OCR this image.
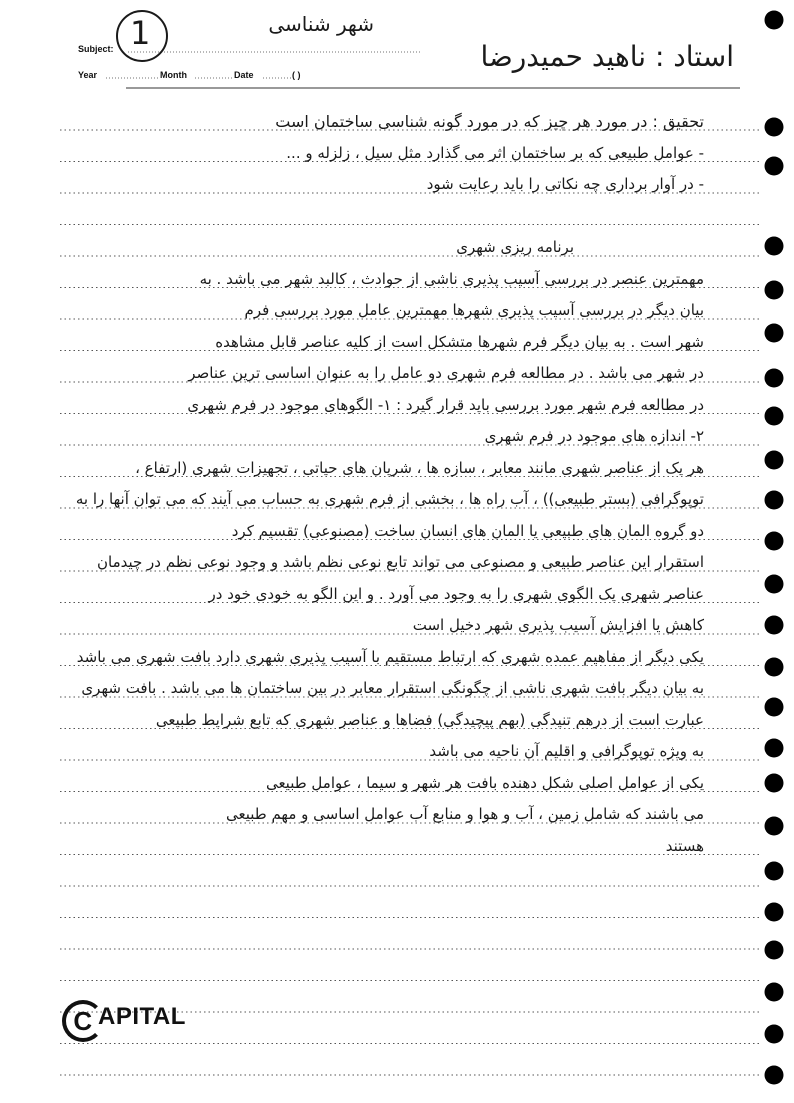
Subject:
Year	Month	Date	( )
1	شهر شناسی
استاد : ناهید حمیدرضا
تحقیق : در مورد هر چیز که در مورد گونه شناسی ساختمان است
- عوامل طبیعی که بر ساختمان اثر می گذارد مثل سیل ، زلزله و ...
- در آوار برداری چه نکاتی را باید رعایت شود
برنامه ریزی شهری
مهمترین عنصر در بررسی آسیب پذیری ناشی از حوادث ، کالبد شهر می باشد . به
بیان دیگر در بررسی آسیب پذیری شهرها مهمترین عامل مورد بررسی فرم
شهر است . به بیان دیگر فرم شهرها متشکل است از کلیه عناصر قابل مشاهده
در شهر می باشد . در مطالعه فرم شهری دو عامل را به عنوان اساسی ترین عناصر
در مطالعه فرم شهر مورد بررسی باید قرار گیرد : ۱- الگوهای موجود در فرم شهری
۲- اندازه های موجود در فرم شهری
هر یک از عناصر شهری مانند معابر ، سازه ها ، شریان های حیاتی ، تجهیزات شهری (ارتفاع ،
توپوگرافی (بستر طبیعی)) ، آب راه ها ، بخشی از فرم شهری به حساب می آیند که می توان آنها را به
دو گروه المان های طبیعی یا المان های انسان ساخت (مصنوعی) تقسیم کرد
استقرار این عناصر طبیعی و مصنوعی می تواند تابع نوعی نظم باشد و وجود نوعی نظم در چیدمان
عناصر شهری یک الگوی شهری را به وجود می آورد . و این الگو به خودی خود در
کاهش یا افزایش آسیب پذیری شهر دخیل است
یکی دیگر از مفاهیم عمده شهری که ارتباط مستقیم با آسیب پذیری شهری دارد بافت شهری می باشد
به بیان دیگر بافت شهری ناشی از چگونگی استقرار معابر در بین ساختمان ها می باشد . بافت شهری
عبارت است از درهم تنیدگی (بهم پیچیدگی) فضاها و عناصر شهری که تابع شرایط طبیعی
به ویژه توپوگرافی و اقلیم آن ناحیه می باشد
یکی از عوامل اصلی شکل دهنده بافت هر شهر و سیما ، عوامل طبیعی
می باشند که شامل زمین ، آب و هوا و منابع آب عوامل اساسی و مهم طبیعی
هستند
C APITAL
